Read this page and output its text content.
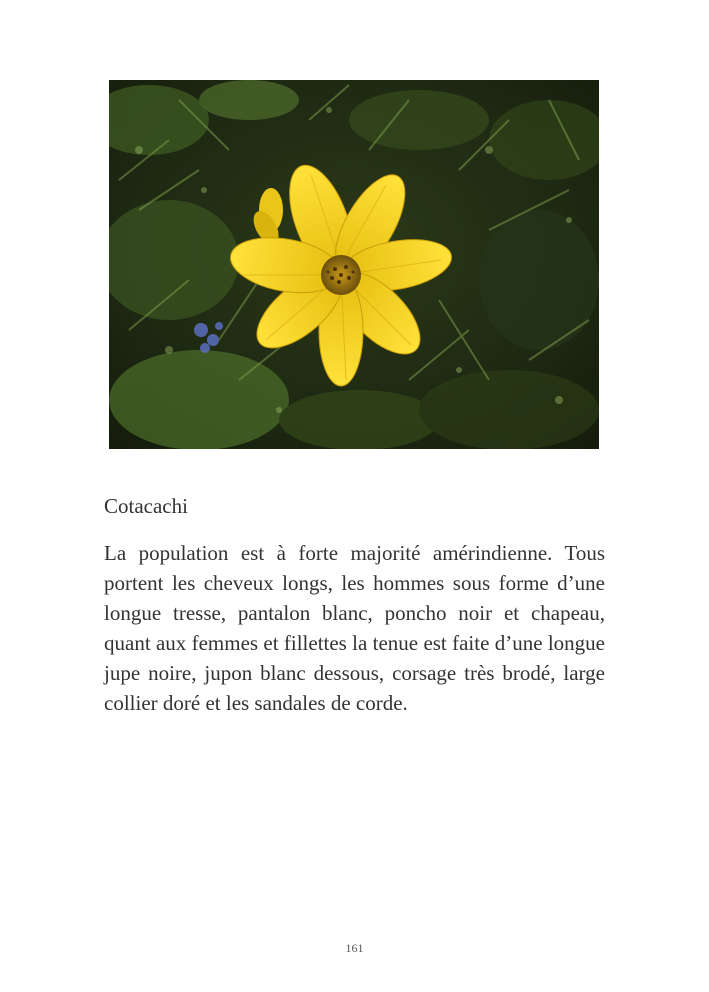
Cotacachi

La population est à forte majorité amérindienne. Tous portent les cheveux longs, les hommes sous forme d’une longue tresse, pantalon blanc, poncho noir et chapeau, quant aux femmes et fillettes la tenue est faite d’une longue jupe noire, jupon blanc dessous, corsage très brodé, large collier doré et les sandales de corde.

161
